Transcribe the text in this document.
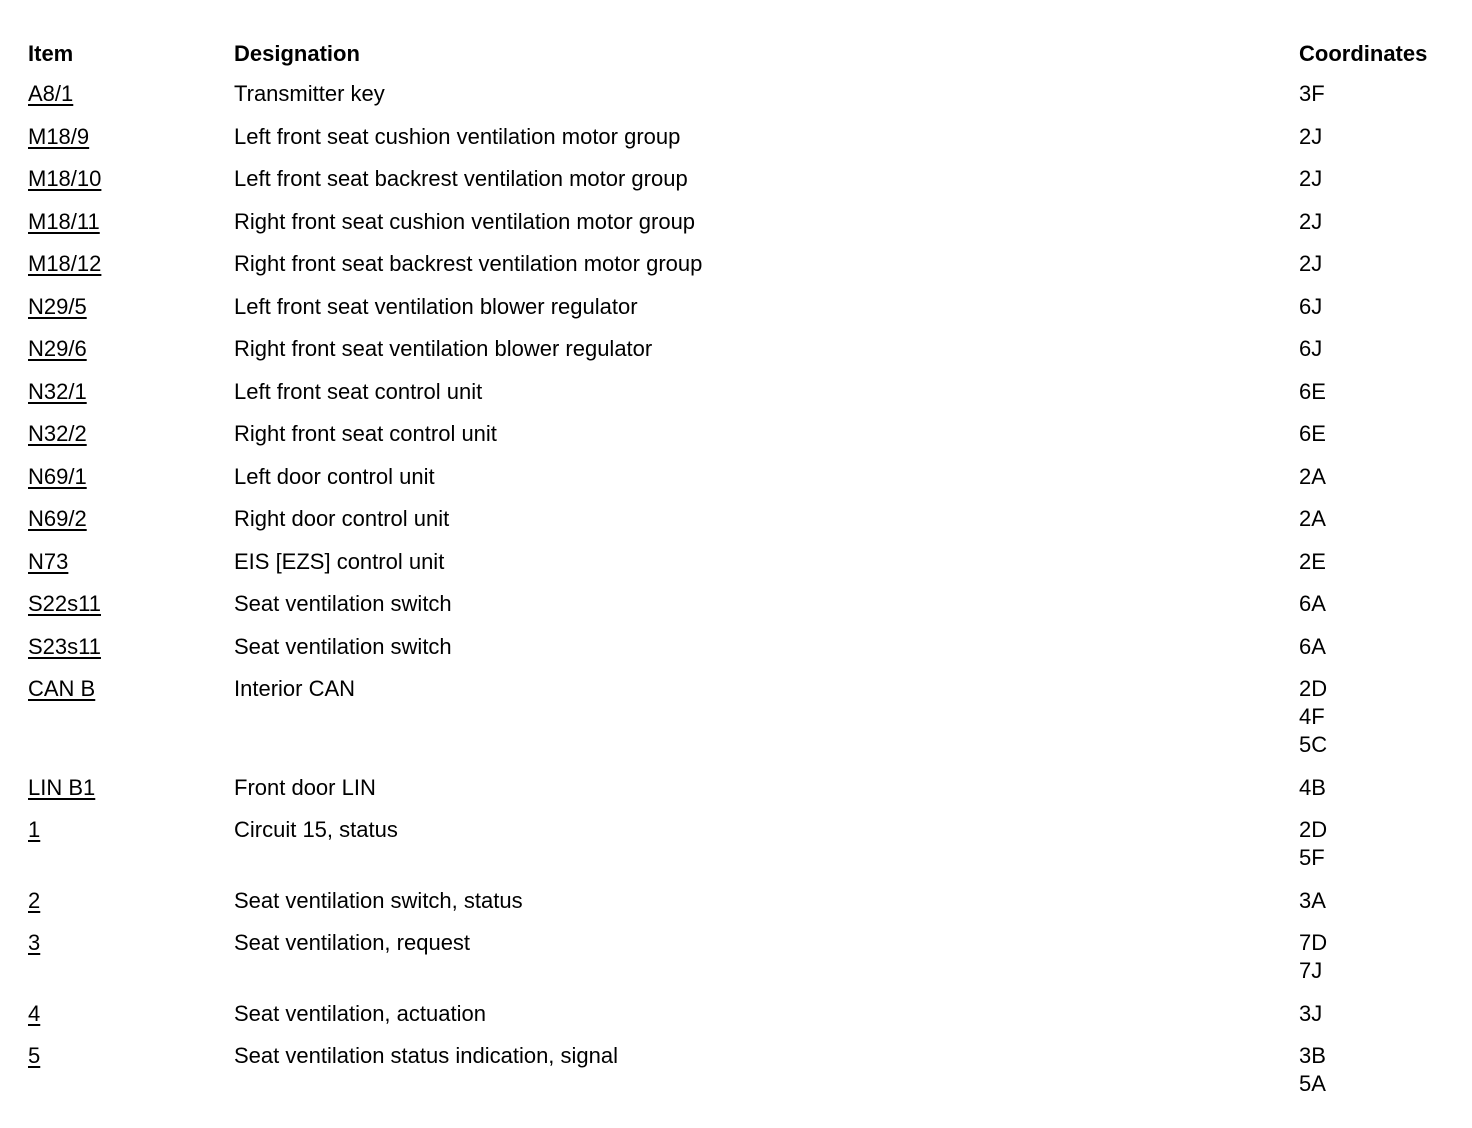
Item	Designation	Coordinates
A8/1	Transmitter key	3F
M18/9	Left front seat cushion ventilation motor group	2J
M18/10	Left front seat backrest ventilation motor group	2J
M18/11	Right front seat cushion ventilation motor group	2J
M18/12	Right front seat backrest ventilation motor group	2J
N29/5	Left front seat ventilation blower regulator	6J
N29/6	Right front seat ventilation blower regulator	6J
N32/1	Left front seat control unit	6E
N32/2	Right front seat control unit	6E
N69/1	Left door control unit	2A
N69/2	Right door control unit	2A
N73	EIS [EZS] control unit	2E
S22s11	Seat ventilation switch	6A
S23s11	Seat ventilation switch	6A
CAN B	Interior CAN	2D
4F
5C
LIN B1	Front door LIN	4B
1	Circuit 15, status	2D
5F
2	Seat ventilation switch, status	3A
3	Seat ventilation, request	7D
7J
4	Seat ventilation, actuation	3J
5	Seat ventilation status indication, signal	3B
5A
